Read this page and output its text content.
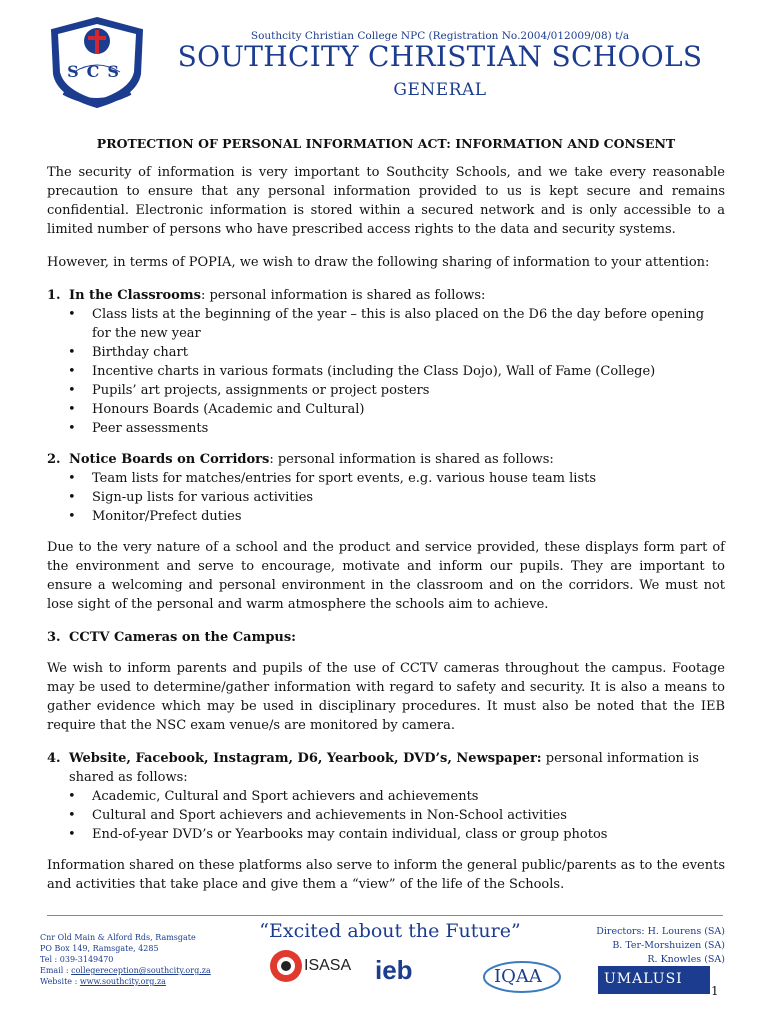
SCS
Southcity Christian College NPC (Registration No.2004/012009/08) t/a
SOUTHCITY CHRISTIAN SCHOOLS
GENERAL
PROTECTION OF PERSONAL INFORMATION ACT: INFORMATION AND CONSENT

The security of information is very important to Southcity Schools, and we take every reasonable precaution to ensure that any personal information provided to us is kept secure and remains confidential. Electronic information is stored within a secured network and is only accessible to a limited number of persons who have prescribed access rights to the data and security systems.

However, in terms of POPIA, we wish to draw the following sharing of information to your attention:

1. In the Classrooms: personal information is shared as follows:
• Class lists at the beginning of the year – this is also placed on the D6 the day before opening for the new year
• Birthday chart
• Incentive charts in various formats (including the Class Dojo), Wall of Fame (College)
• Pupils’ art projects, assignments or project posters
• Honours Boards (Academic and Cultural)
• Peer assessments
2. Notice Boards on Corridors: personal information is shared as follows:
• Team lists for matches/entries for sport events, e.g. various house team lists
• Sign-up lists for various activities
• Monitor/Prefect duties

Due to the very nature of a school and the product and service provided, these displays form part of the environment and serve to encourage, motivate and inform our pupils. They are important to ensure a welcoming and personal environment in the classroom and on the corridors. We must not lose sight of the personal and warm atmosphere the schools aim to achieve.

3. CCTV Cameras on the Campus:

We wish to inform parents and pupils of the use of CCTV cameras throughout the campus. Footage may be used to determine/gather information with regard to safety and security. It is also a means to gather evidence which may be used in disciplinary procedures. It must also be noted that the IEB require that the NSC exam venue/s are monitored by camera.

4. Website, Facebook, Instagram, D6, Yearbook, DVD’s, Newspaper: personal information is shared as follows:
• Academic, Cultural and Sport achievers and achievements
• Cultural and Sport achievers and achievements in Non-School activities
• End-of-year DVD’s or Yearbooks may contain individual, class or group photos

Information shared on these platforms also serve to inform the general public/parents as to the events and activities that take place and give them a “view” of the life of the Schools.

Cnr Old Main & Alford Rds, Ramsgate
PO Box 149, Ramsgate, 4285
Tel : 039-3149470
Email : collegereception@southcity.org.za
Website : www.southcity.org.za
“Excited about the Future”	Directors: H. Lourens (SA)
B. Ter-Morshuizen (SA)
R. Knowles (SA)
ISASA ieb	IQAA	UMALUSI
1
